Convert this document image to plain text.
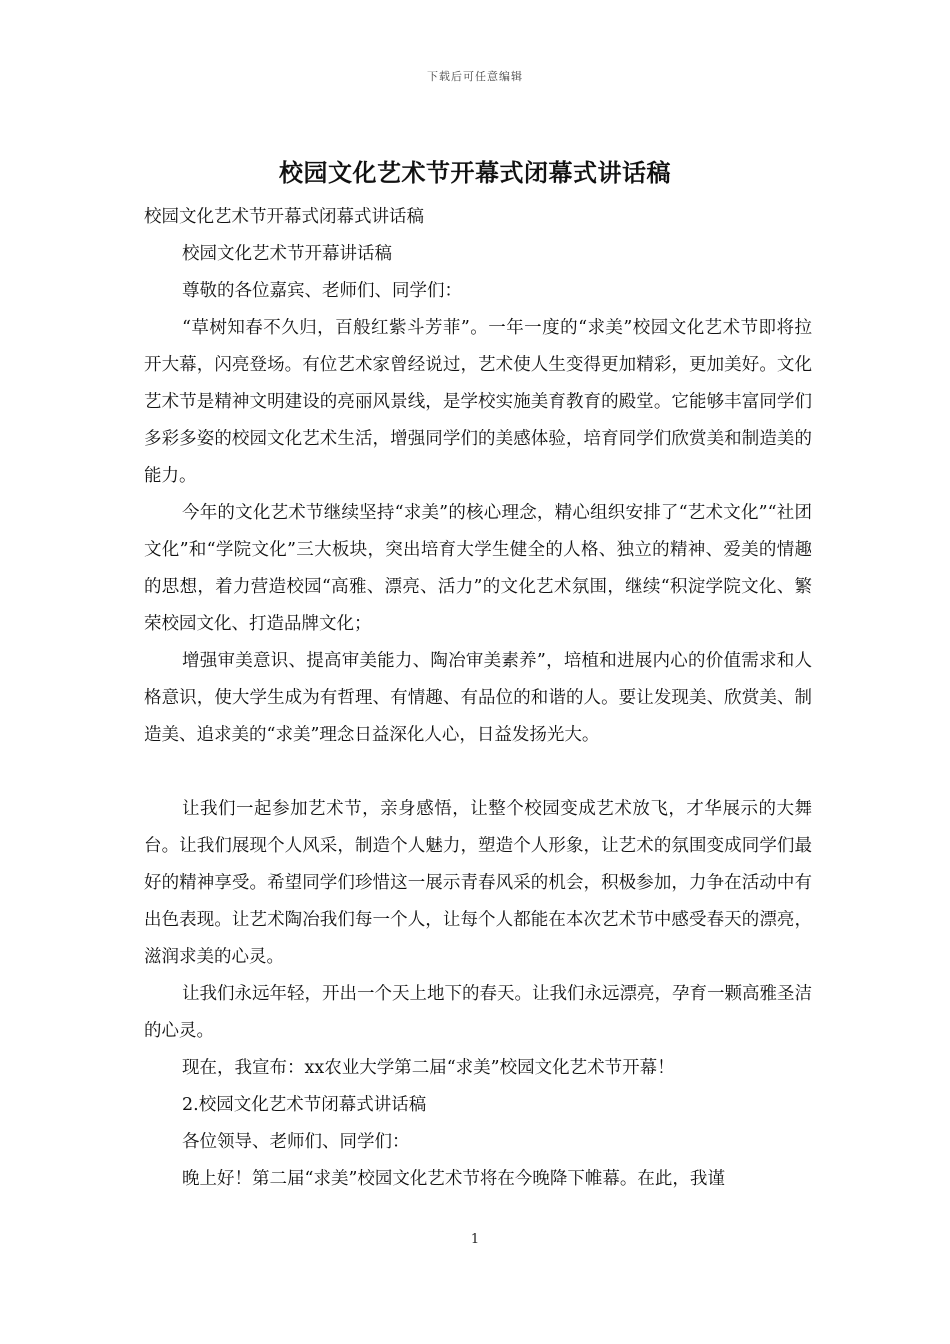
下载后可任意编辑
校园文化艺术节开幕式闭幕式讲话稿

校园文化艺术节开幕式闭幕式讲话稿

校园文化艺术节开幕讲话稿

尊敬的各位嘉宾、老师们、同学们：

“草树知春不久归，百般红紫斗芳菲”。一年一度的“求美”校园文化艺术节即将拉开大幕，闪亮登场。有位艺术家曾经说过，艺术使人生变得更加精彩，更加美好。文化艺术节是精神文明建设的亮丽风景线，是学校实施美育教育的殿堂。它能够丰富同学们多彩多姿的校园文化艺术生活，增强同学们的美感体验，培育同学们欣赏美和制造美的能力。

今年的文化艺术节继续坚持“求美”的核心理念，精心组织安排了“艺术文化”“社团文化”和“学院文化”三大板块，突出培育大学生健全的人格、独立的精神、爱美的情趣的思想，着力营造校园“高雅、漂亮、活力”的文化艺术氛围，继续“积淀学院文化、繁荣校园文化、打造品牌文化；

增强审美意识、提高审美能力、陶冶审美素养”，培植和进展内心的价值需求和人格意识，使大学生成为有哲理、有情趣、有品位的和谐的人。要让发现美、欣赏美、制造美、追求美的“求美”理念日益深化人心，日益发扬光大。

让我们一起参加艺术节，亲身感悟，让整个校园变成艺术放飞，才华展示的大舞台。让我们展现个人风采，制造个人魅力，塑造个人形象，让艺术的氛围变成同学们最好的精神享受。希望同学们珍惜这一展示青春风采的机会，积极参加，力争在活动中有出色表现。让艺术陶冶我们每一个人，让每个人都能在本次艺术节中感受春天的漂亮，滋润求美的心灵。

让我们永远年轻，开出一个天上地下的春天。让我们永远漂亮，孕育一颗高雅圣洁的心灵。

现在，我宣布：xx农业大学第二届“求美”校园文化艺术节开幕！

2.校园文化艺术节闭幕式讲话稿

各位领导、老师们、同学们：

晚上好！第二届“求美”校园文化艺术节将在今晚降下帷幕。在此，我谨

1
